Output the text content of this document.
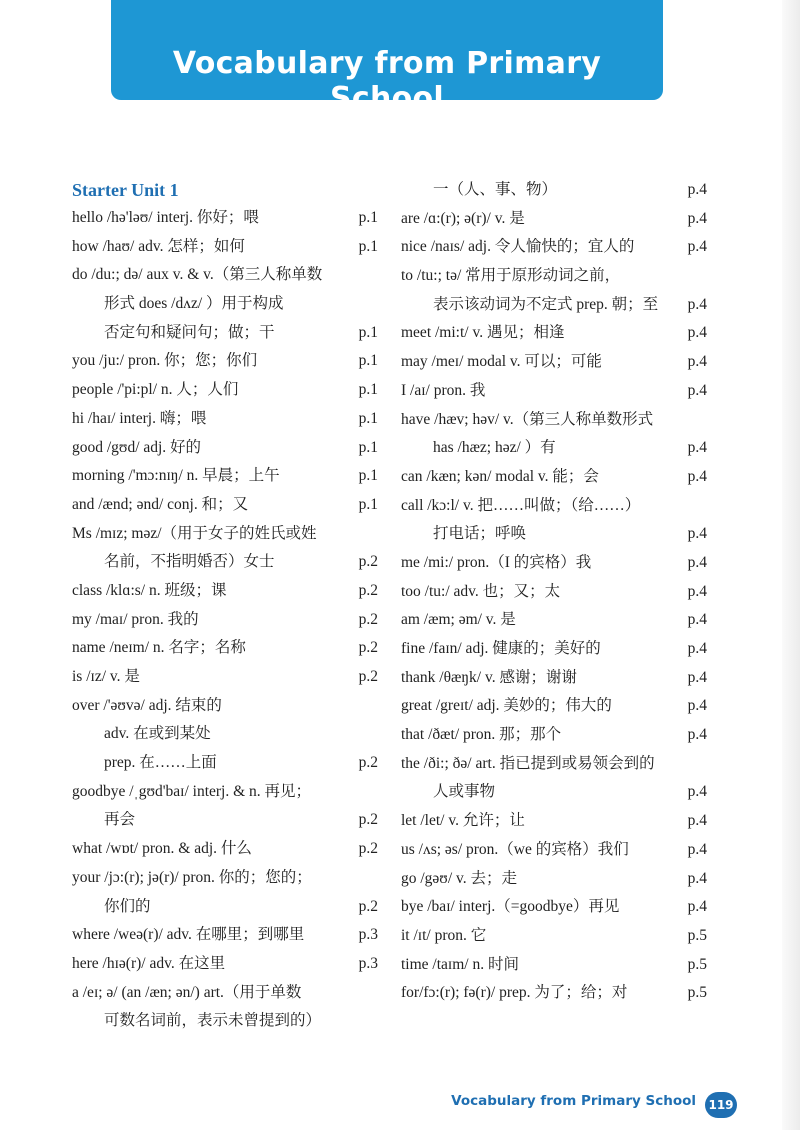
Vocabulary from Primary School
Starter Unit 1
hello /hə'ləʊ/ interj. 你好；喂	p.1
how /haʊ/ adv. 怎样；如何	p.1
do /du:; də/ aux v. & v.（第三人称单数
形式 does /dʌz/ ）用于构成
否定句和疑问句；做；干	p.1
you /ju:/ pron. 你；您；你们	p.1
people /'pi:pl/ n. 人；人们	p.1
hi /haɪ/ interj. 嗨；喂	p.1
good /gʊd/ adj. 好的	p.1
morning /'mɔ:nɪŋ/ n. 早晨；上午	p.1
and /ænd; ənd/ conj. 和；又	p.1
Ms /mɪz; məz/（用于女子的姓氏或姓
名前，不指明婚否）女士	p.2
class /klɑ:s/ n. 班级；课	p.2
my /maɪ/ pron. 我的	p.2
name /neɪm/ n. 名字；名称	p.2
is /ɪz/ v. 是	p.2
over /'əʊvə/ adj. 结束的
adv. 在或到某处
prep. 在……上面	p.2
goodbye /ˌgʊd'baɪ/ interj. & n. 再见；
再会	p.2
what /wɒt/ pron. & adj. 什么	p.2
your /jɔ:(r); jə(r)/ pron. 你的；您的；
你们的	p.2
where /weə(r)/ adv. 在哪里；到哪里	p.3
here /hɪə(r)/ adv. 在这里	p.3
a /eɪ; ə/ (an /æn; ən/) art.（用于单数
可数名词前，表示未曾提到的）
一（人、事、物）	p.4
are /ɑ:(r); ə(r)/ v. 是	p.4
nice /naɪs/ adj. 令人愉快的；宜人的	p.4
to /tu:; tə/ 常用于原形动词之前，
表示该动词为不定式 prep. 朝；至	p.4
meet /mi:t/ v. 遇见；相逢	p.4
may /meɪ/ modal v. 可以；可能	p.4
I /aɪ/ pron. 我	p.4
have /hæv; həv/ v.（第三人称单数形式
has /hæz; həz/ ）有	p.4
can /kæn; kən/ modal v. 能；会	p.4
call /kɔ:l/ v. 把……叫做；（给……）
打电话；呼唤	p.4
me /mi:/ pron.（I 的宾格）我	p.4
too /tu:/ adv. 也；又；太	p.4
am /æm; əm/ v. 是	p.4
fine /faɪn/ adj. 健康的；美好的	p.4
thank /θæŋk/ v. 感谢；谢谢	p.4
great /greɪt/ adj. 美妙的；伟大的	p.4
that /ðæt/ pron. 那；那个	p.4
the /ði:; ðə/ art. 指已提到或易领会到的
人或事物	p.4
let /let/ v. 允许；让	p.4
us /ʌs; əs/ pron.（we 的宾格）我们	p.4
go /gəʊ/ v. 去；走	p.4
bye /baɪ/ interj.（=goodbye）再见	p.4
it /ɪt/ pron. 它	p.5
time /taɪm/ n. 时间	p.5
for/fɔ:(r); fə(r)/ prep. 为了；给；对	p.5
Vocabulary from Primary School 119
